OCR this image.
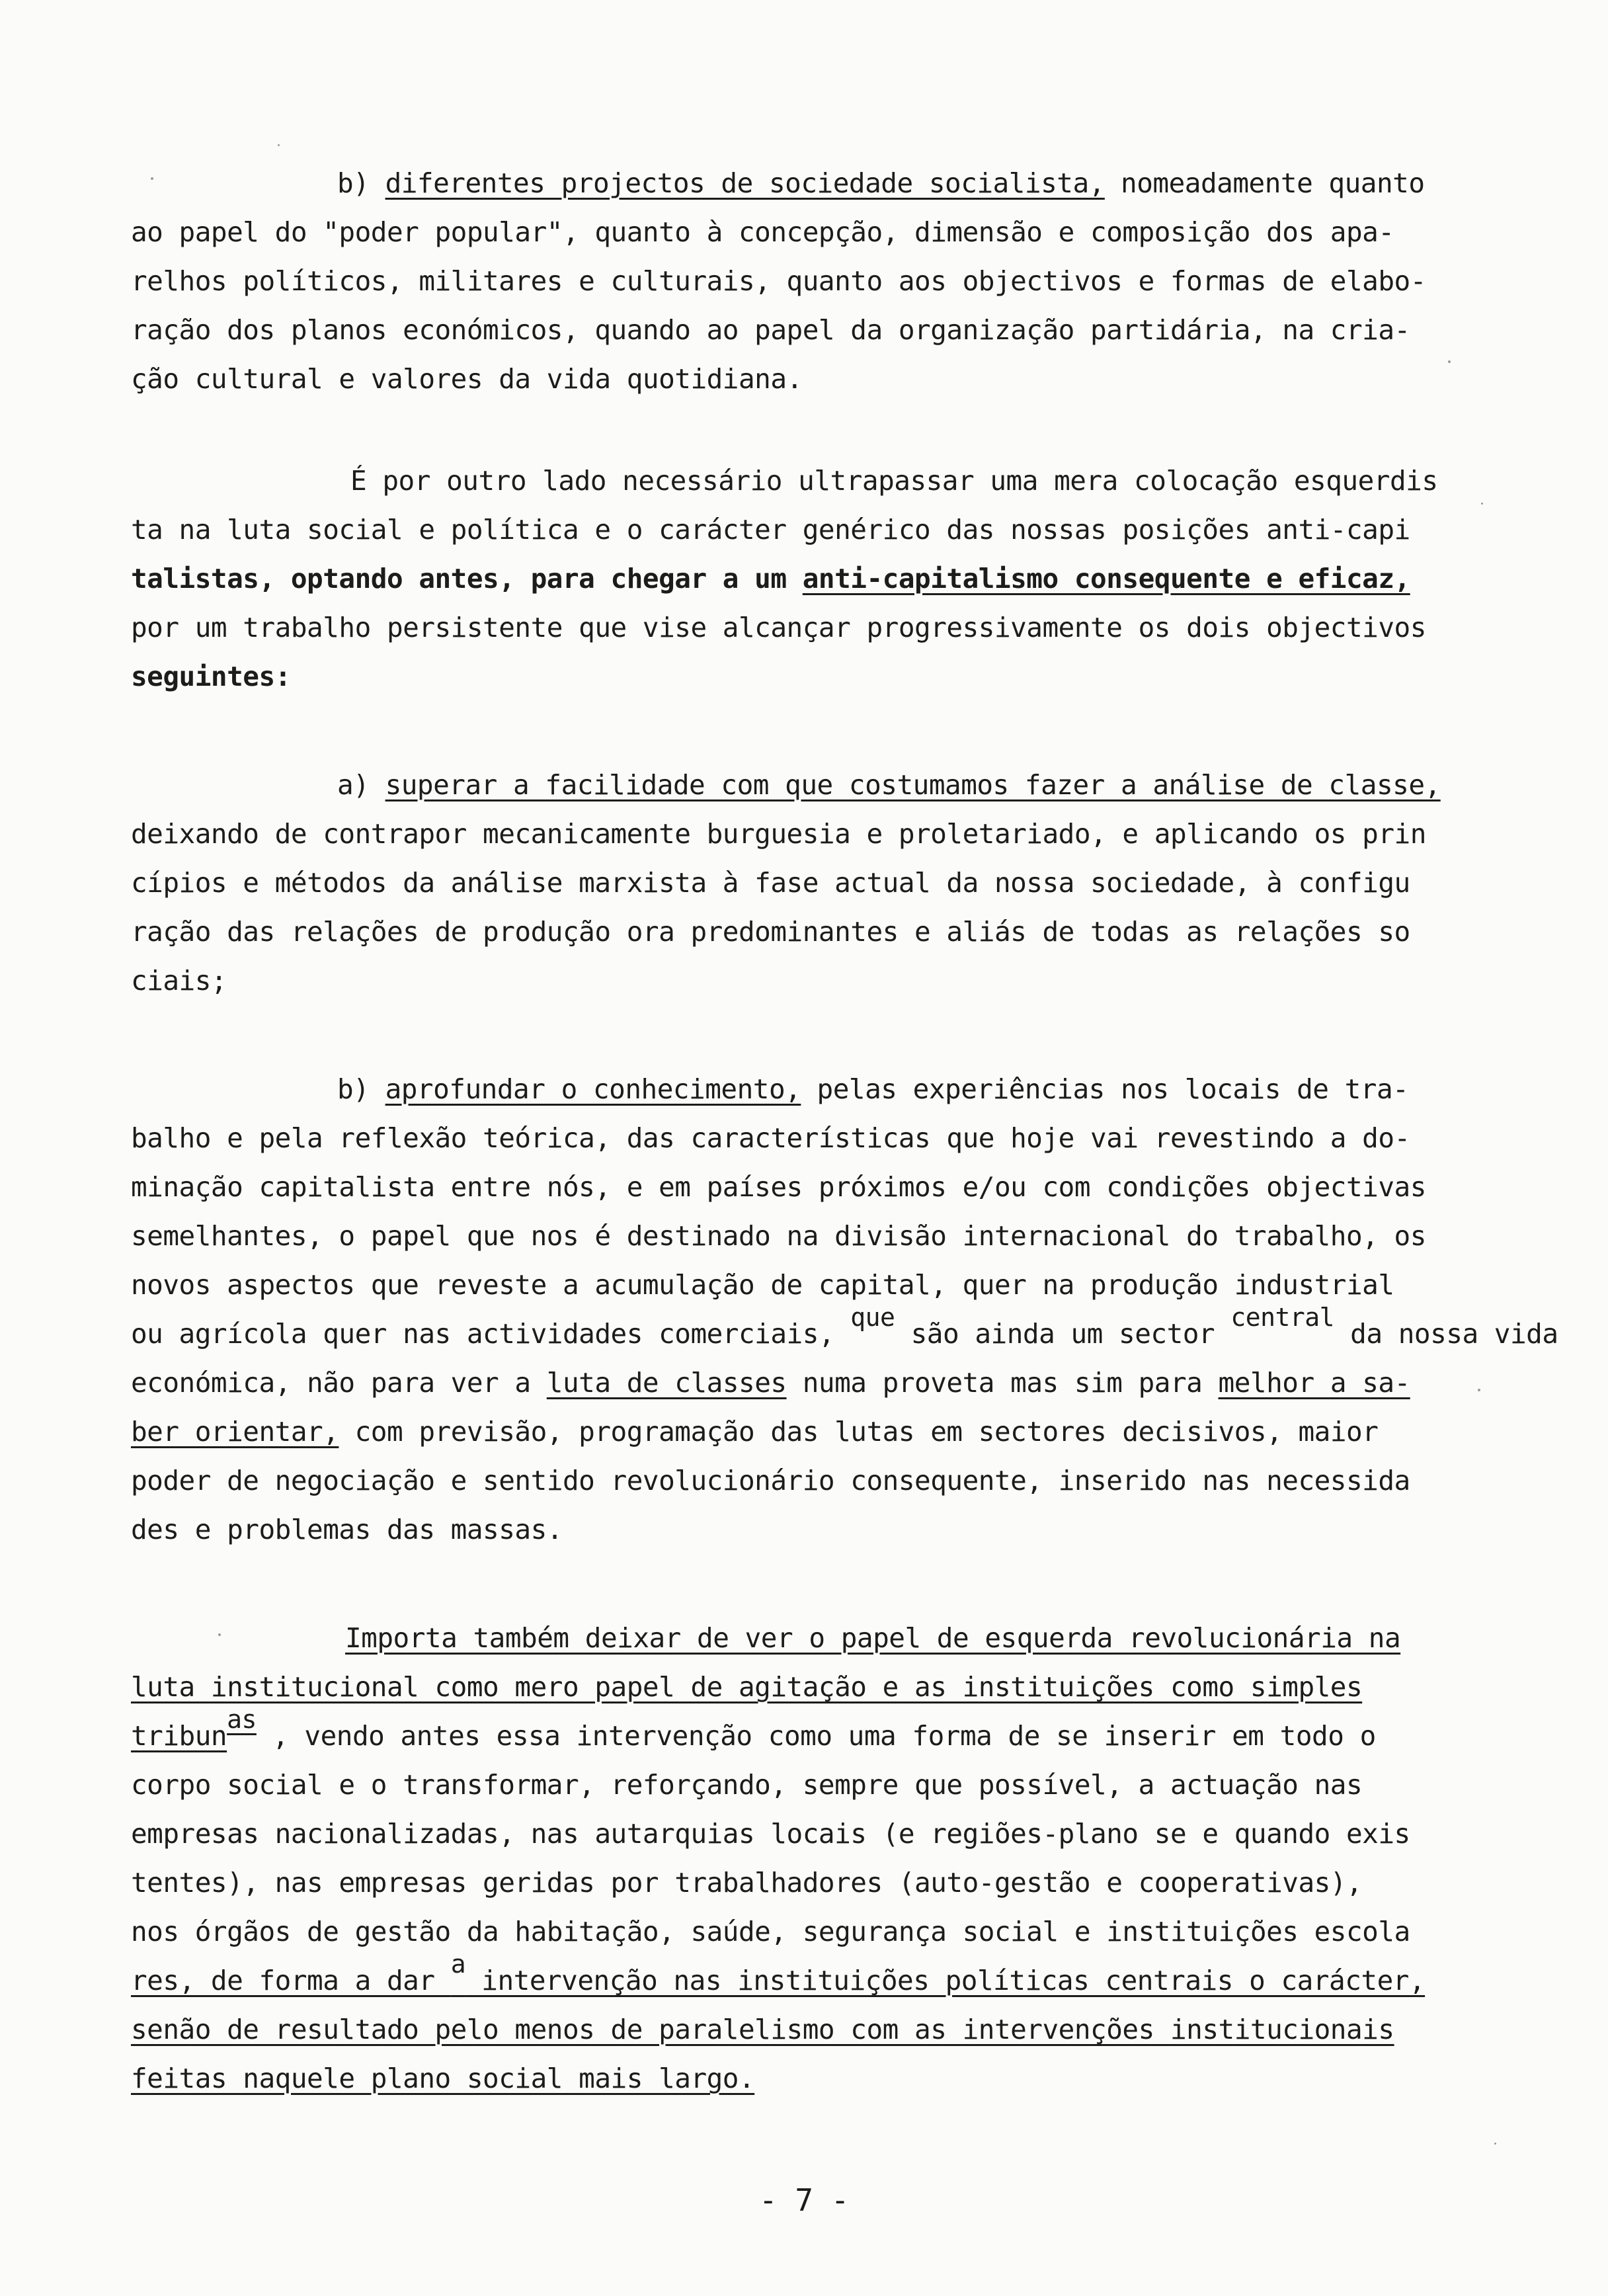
b) diferentes projectos de sociedade socialista, nomeadamente quanto
ao papel do "poder popular", quanto à concepção, dimensão e composição dos apa-
relhos políticos, militares e culturais, quanto aos objectivos e formas de elabo-
ração dos planos económicos, quando ao papel da organização partidária, na cria-
ção cultural e valores da vida quotidiana.
É por outro lado necessário ultrapassar uma mera colocação esquerdis
ta na luta social e política e o carácter genérico das nossas posições anti-capi
talistas, optando antes, para chegar a um anti-capitalismo consequente e eficaz,
por um trabalho persistente que vise alcançar progressivamente os dois objectivos
seguintes:
a) superar a facilidade com que costumamos fazer a análise de classe,
deixando de contrapor mecanicamente burguesia e proletariado, e aplicando os prin
cípios e métodos da análise marxista à fase actual da nossa sociedade, à configu
ração das relações de produção ora predominantes e aliás de todas as relações so
ciais;
b) aprofundar o conhecimento, pelas experiências nos locais de tra-
balho e pela reflexão teórica, das características que hoje vai revestindo a do-
minação capitalista entre nós, e em países próximos e/ou com condições objectivas
semelhantes, o papel que nos é destinado na divisão internacional do trabalho, os
novos aspectos que reveste a acumulação de capital, quer na produção industrial
ou agrícola quer nas actividades comerciais, que são ainda um sector central da nossa vida
económica, não para ver a luta de classes numa proveta mas sim para melhor a sa-
ber orientar, com previsão, programação das lutas em sectores decisivos, maior
poder de negociação e sentido revolucionário consequente, inserido nas necessida
des e problemas das massas.
Importa também deixar de ver o papel de esquerda revolucionária na
luta institucional como mero papel de agitação e as instituições como simples
tribunas , vendo antes essa intervenção como uma forma de se inserir em todo o
corpo social e o transformar, reforçando, sempre que possível, a actuação nas
empresas nacionalizadas, nas autarquias locais (e regiões-plano se e quando exis
tentes), nas empresas geridas por trabalhadores (auto-gestão e cooperativas),
nos órgãos de gestão da habitação, saúde, segurança social e instituições escola
res, de forma a dar a intervenção nas instituições políticas centrais o carácter,
senão de resultado pelo menos de paralelismo com as intervenções institucionais
feitas naquele plano social mais largo.
- 7 -
